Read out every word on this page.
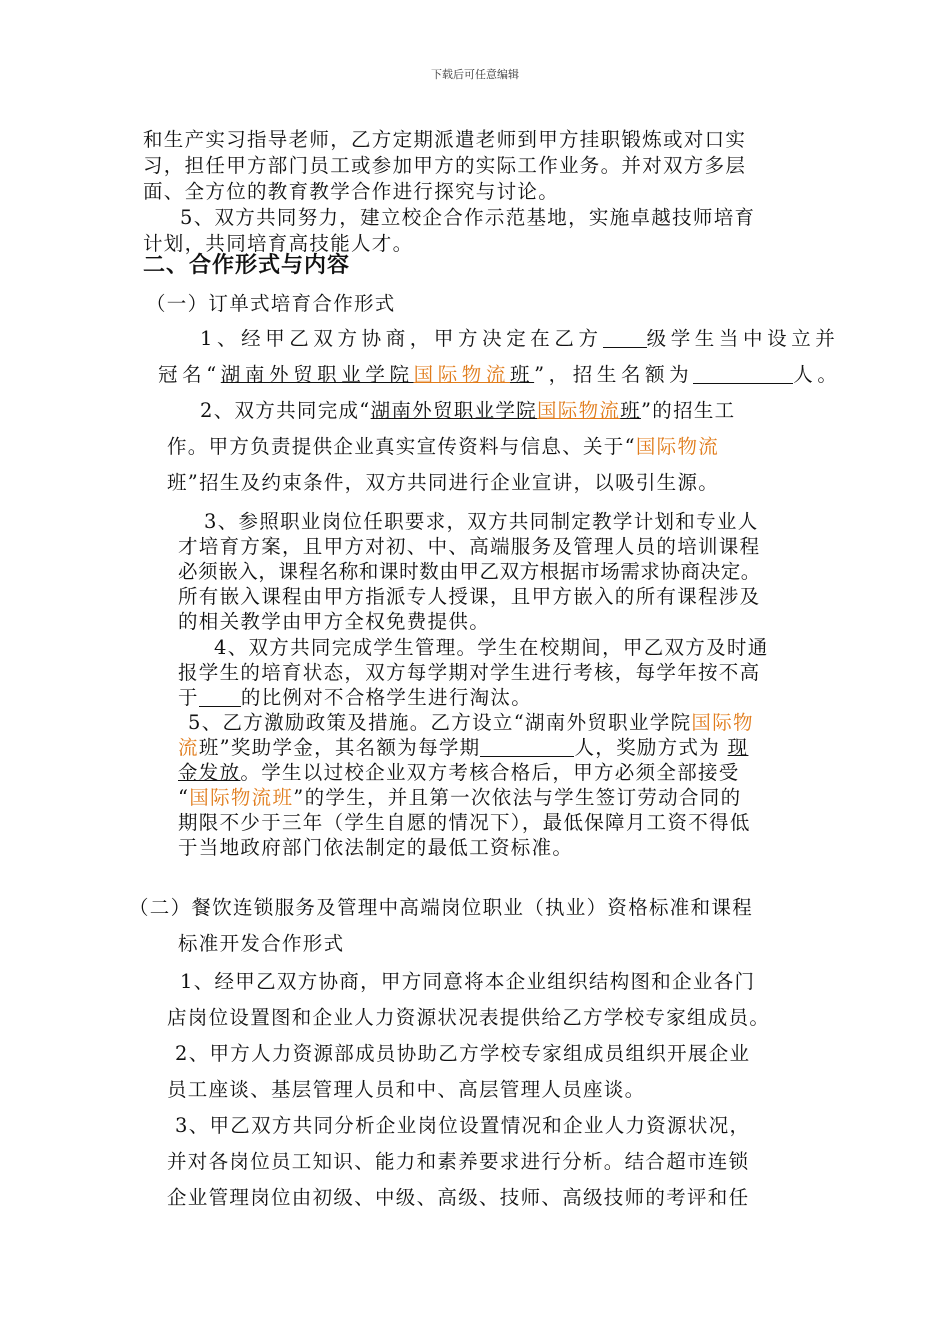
下载后可任意编辑
和生产实习指导老师，乙方定期派遣老师到甲方挂职锻炼或对口实
习，担任甲方部门员工或参加甲方的实际工作业务。并对双方多层
面、全方位的教育教学合作进行探究与讨论。
5、双方共同努力，建立校企合作示范基地，实施卓越技师培育
计划，共同培育高技能人才。
二、合作形式与内容
（一）订单式培育合作形式
1、经甲乙双方协商，甲方决定在乙方 级学生当中设立并
冠名“湖南外贸职业学院国际物流班”，招生名额为	人。
2、双方共同完成“湖南外贸职业学院国际物流班”的招生工
作。甲方负责提供企业真实宣传资料与信息、关于“国际物流
班”招生及约束条件，双方共同进行企业宣讲，以吸引生源。
3、参照职业岗位任职要求，双方共同制定教学计划和专业人
才培育方案，且甲方对初、中、高端服务及管理人员的培训课程
必须嵌入，课程名称和课时数由甲乙双方根据市场需求协商决定。
所有嵌入课程由甲方指派专人授课，且甲方嵌入的所有课程涉及
的相关教学由甲方全权免费提供。
4、双方共同完成学生管理。学生在校期间，甲乙双方及时通
报学生的培育状态，双方每学期对学生进行考核，每学年按不高
于 的比例对不合格学生进行淘汰。
5、乙方激励政策及措施。乙方设立“湖南外贸职业学院国际物
流班”奖助学金，其名额为每学期	人，奖励方式为 现
金发放。学生以过校企业双方考核合格后，甲方必须全部接受
“国际物流班”的学生，并且第一次依法与学生签订劳动合同的
期限不少于三年（学生自愿的情况下），最低保障月工资不得低
于当地政府部门依法制定的最低工资标准。
（二）餐饮连锁服务及管理中高端岗位职业（执业）资格标准和课程
标准开发合作形式
1、经甲乙双方协商，甲方同意将本企业组织结构图和企业各门
店岗位设置图和企业人力资源状况表提供给乙方学校专家组成员。
2、甲方人力资源部成员协助乙方学校专家组成员组织开展企业
员工座谈、基层管理人员和中、高层管理人员座谈。
3、甲乙双方共同分析企业岗位设置情况和企业人力资源状况，
并对各岗位员工知识、能力和素养要求进行分析。结合超市连锁
企业管理岗位由初级、中级、高级、技师、高级技师的考评和任
